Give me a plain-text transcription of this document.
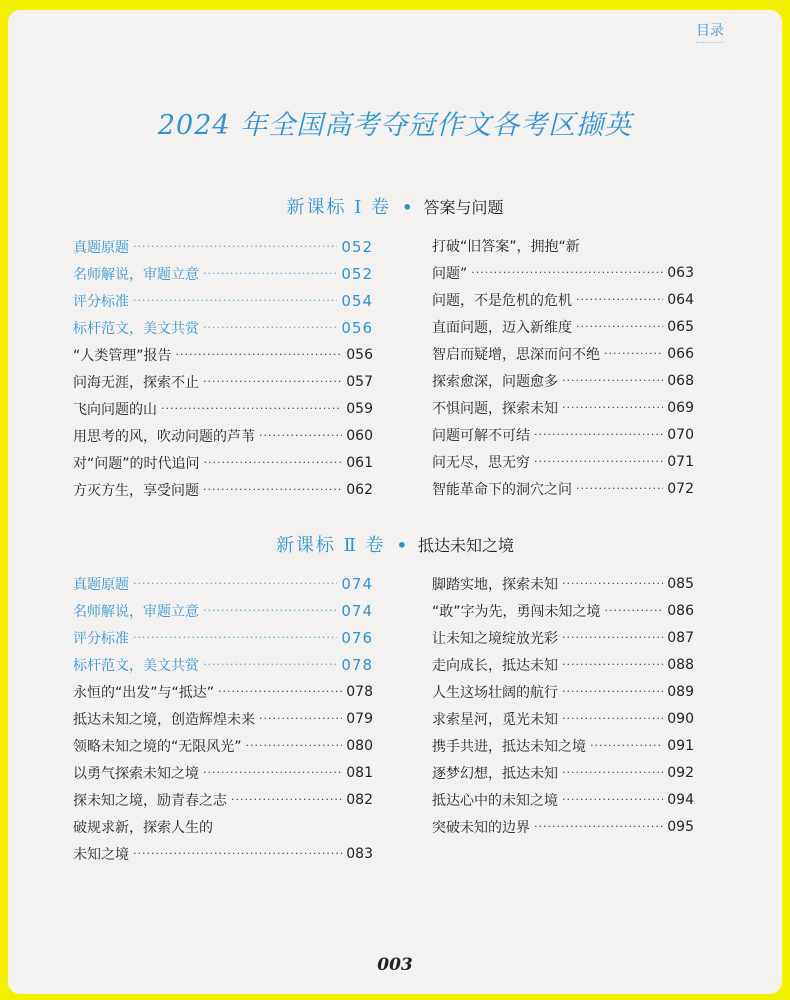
目录
2024 年全国高考夺冠作文各考区撷英
新课标 Ⅰ 卷 • 答案与问题
真题原题 ·····	052
名师解说，审题立意 ·····	052
评分标准 ·····	054
标杆范文，美文共赏 ·····	056
“人类管理”报告 ·····	056
问海无涯，探索不止 ·····	057
飞向问题的山 ·····	059
用思考的风，吹动问题的芦苇 ·····	060
对“问题”的时代追问 ·····	061
方灭方生，享受问题 ·····	062
打破“旧答案”，拥抱“新
问题” ·····	063
问题，不是危机的危机 ·····	064
直面问题，迈入新维度 ·····	065
智启而疑增，思深而问不绝 ·····	066
探索愈深，问题愈多 ·····	068
不惧问题，探索未知 ·····	069
问题可解不可结 ·····	070
问无尽，思无穷 ·····	071
智能革命下的洞穴之问 ·····	072
新课标 Ⅱ 卷 • 抵达未知之境
真题原题 ·····	074
名师解说，审题立意 ·····	074
评分标准 ·····	076
标杆范文，美文共赏 ·····	078
永恒的“出发”与“抵达” ·····	078
抵达未知之境，创造辉煌未来 ·····	079
领略未知之境的“无限风光” ·····	080
以勇气探索未知之境 ·····	081
探未知之境，励青春之志 ·····	082
破规求新，探索人生的
未知之境 ·····	083
脚踏实地，探索未知 ·····	085
“敢”字为先，勇闯未知之境 ·····	086
让未知之境绽放光彩 ·····	087
走向成长，抵达未知 ·····	088
人生这场壮阔的航行 ·····	089
求索星河，觅光未知 ·····	090
携手共进，抵达未知之境 ·····	091
逐梦幻想，抵达未知 ·····	092
抵达心中的未知之境 ·····	094
突破未知的边界 ·····	095
003
